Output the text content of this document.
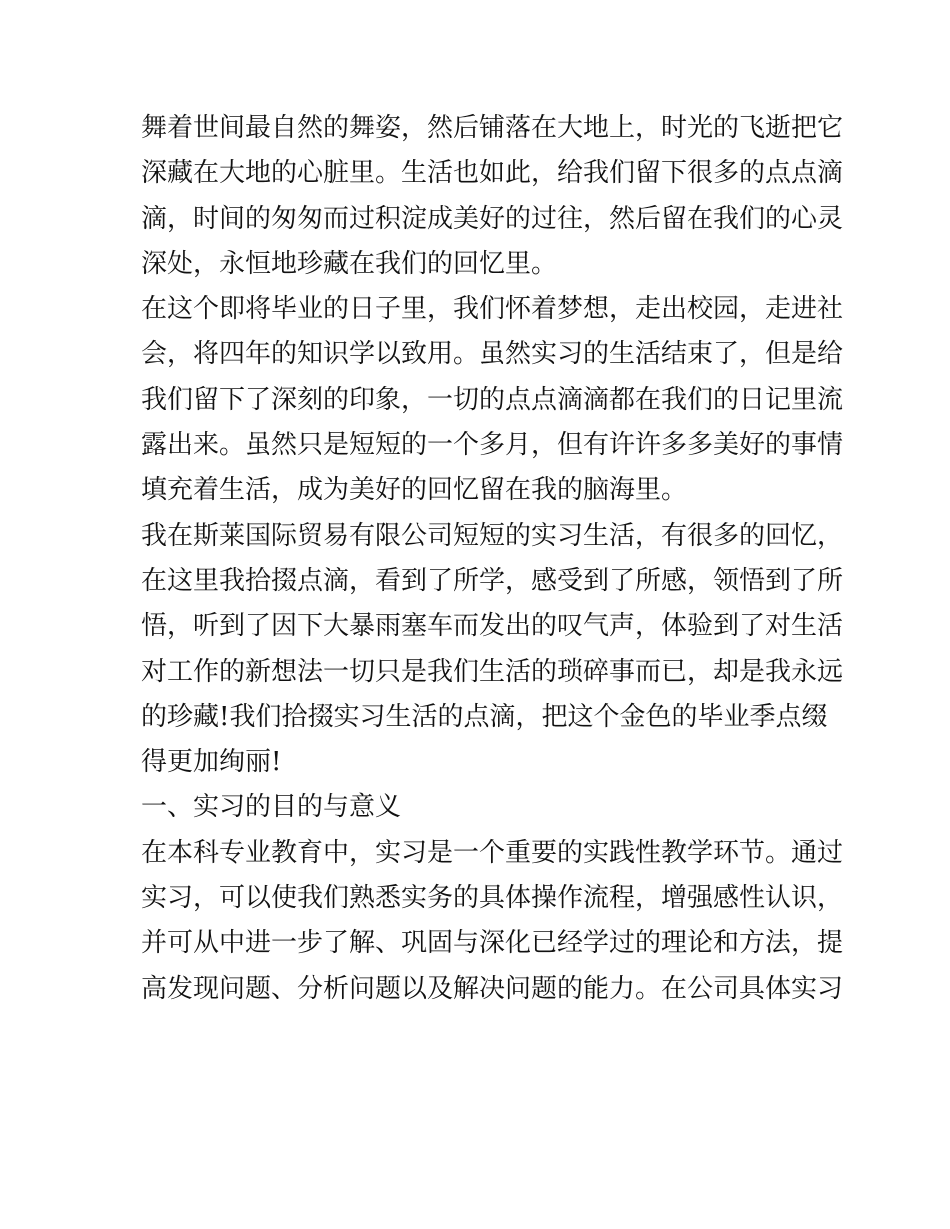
舞着世间最自然的舞姿，然后铺落在大地上，时光的飞逝把它
深藏在大地的心脏里。生活也如此，给我们留下很多的点点滴
滴，时间的匆匆而过积淀成美好的过往，然后留在我们的心灵
深处，永恒地珍藏在我们的回忆里。
在这个即将毕业的日子里，我们怀着梦想，走出校园，走进社
会，将四年的知识学以致用。虽然实习的生活结束了，但是给
我们留下了深刻的印象，一切的点点滴滴都在我们的日记里流
露出来。虽然只是短短的一个多月，但有许许多多美好的事情
填充着生活，成为美好的回忆留在我的脑海里。
我在斯莱国际贸易有限公司短短的实习生活，有很多的回忆，
在这里我拾掇点滴，看到了所学，感受到了所感，领悟到了所
悟，听到了因下大暴雨塞车而发出的叹气声，体验到了对生活
对工作的新想法一切只是我们生活的琐碎事而已，却是我永远
的珍藏!我们拾掇实习生活的点滴，把这个金色的毕业季点缀
得更加绚丽!
一、实习的目的与意义
在本科专业教育中，实习是一个重要的实践性教学环节。通过
实习，可以使我们熟悉实务的具体操作流程，增强感性认识，
并可从中进一步了解、巩固与深化已经学过的理论和方法，提
高发现问题、分析问题以及解决问题的能力。在公司具体实习
